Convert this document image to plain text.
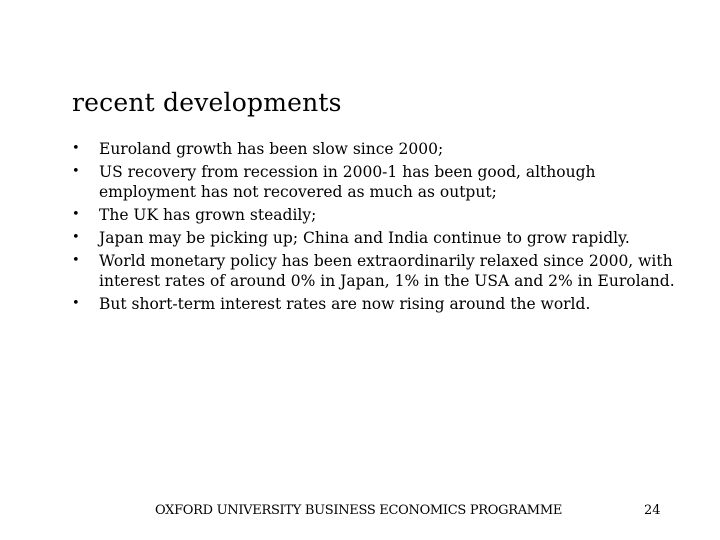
recent developments
• Euroland growth has been slow since 2000;
• US recovery from recession in 2000-1 has been good, although employment has not recovered as much as output;
• The UK has grown steadily;
• Japan may be picking up; China and India continue to grow rapidly.
• World monetary policy has been extraordinarily relaxed since 2000, with interest rates of around 0% in Japan, 1% in the USA and 2% in Euroland.
• But short-term interest rates are now rising around the world.
OXFORD UNIVERSITY BUSINESS ECONOMICS PROGRAMME	24
